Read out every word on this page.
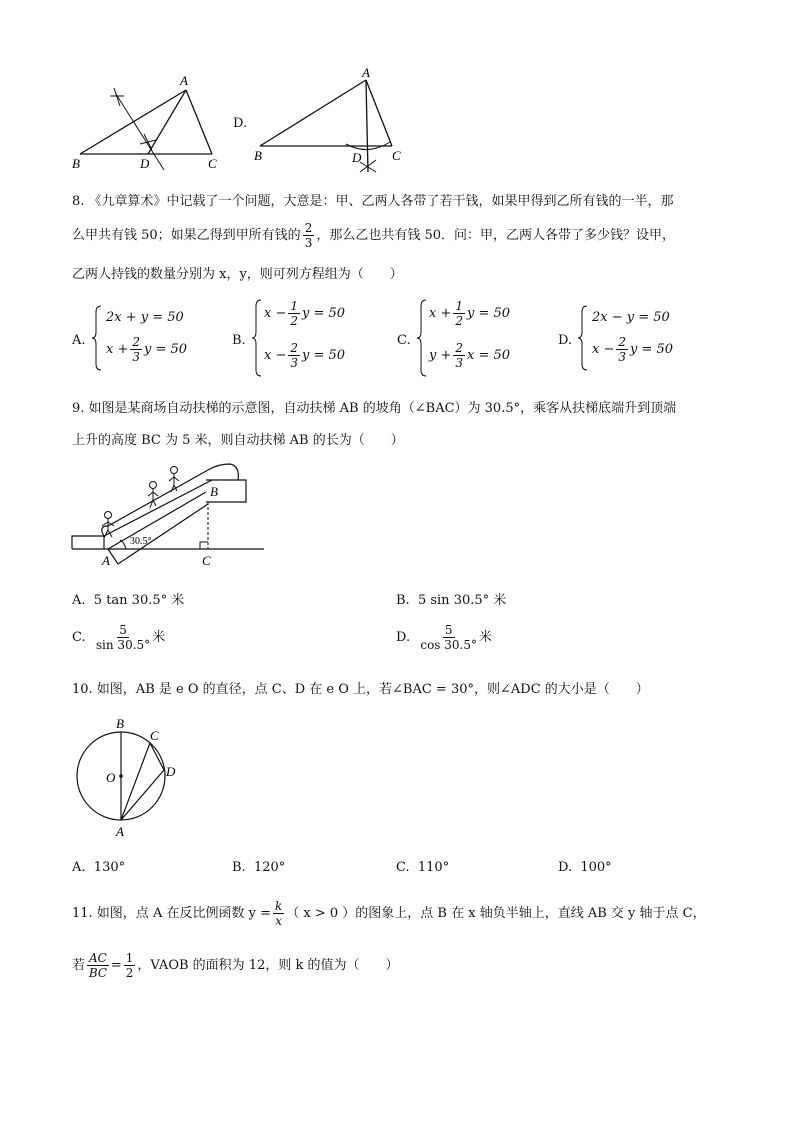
A
B	D	C
D.
A
B	D C
8. 《九章算术》中记载了一个问题，大意是：甲、乙两人各带了若干钱，如果甲得到乙所有钱的一半，那
么甲共有钱 50；如果乙得到甲所有钱的 $\frac{2}{3}$ ，那么乙也共有钱 50．问：甲，乙两人各带了多少钱？设甲，
乙两人持钱的数量分别为 x，y，则可列方程组为（　　）
A.
2x + y = 50
$x + \frac{2}{3}$ y = 50
B.
$x - \frac{1}{2}$ y = 50
$x - \frac{2}{3}$ y = 50
C.
$x + \frac{1}{2}$ y = 50
$y + \frac{2}{3}$ x = 50
D.
2x − y = 50
$x - \frac{2}{3}$ y = 50
9. 如图是某商场自动扶梯的示意图，自动扶梯 AB 的坡角（∠BAC）为 30.5°，乘客从扶梯底端升到顶端
上升的高度 BC 为 5 米，则自动扶梯 AB 的长为（　　）
B
A	C
30.5°
A. 5 tan 30.5° 米	B. 5 sin 30.5° 米
C. $\frac{5}{\sin 30.5^\circ}$ 米	D. $\frac{5}{\cos 30.5^\circ}$ 米
10. 如图，AB 是 e O 的直径，点 C、D 在 e O 上，若∠BAC = 30°，则∠ADC 的大小是（　　）
B
C
D
O
A
A. 130°	B. 120°	C. 110°	D. 100°
11. 如图，点 A 在反比例函数 $y = \frac{k}{x}$ （ x > 0 ）的图象上，点 B 在 x 轴负半轴上，直线 AB 交 y 轴于点 C，
若 $\frac{AC}{BC} = \frac{1}{2}$ ，VAOB 的面积为 12，则 k 的值为（　　）
